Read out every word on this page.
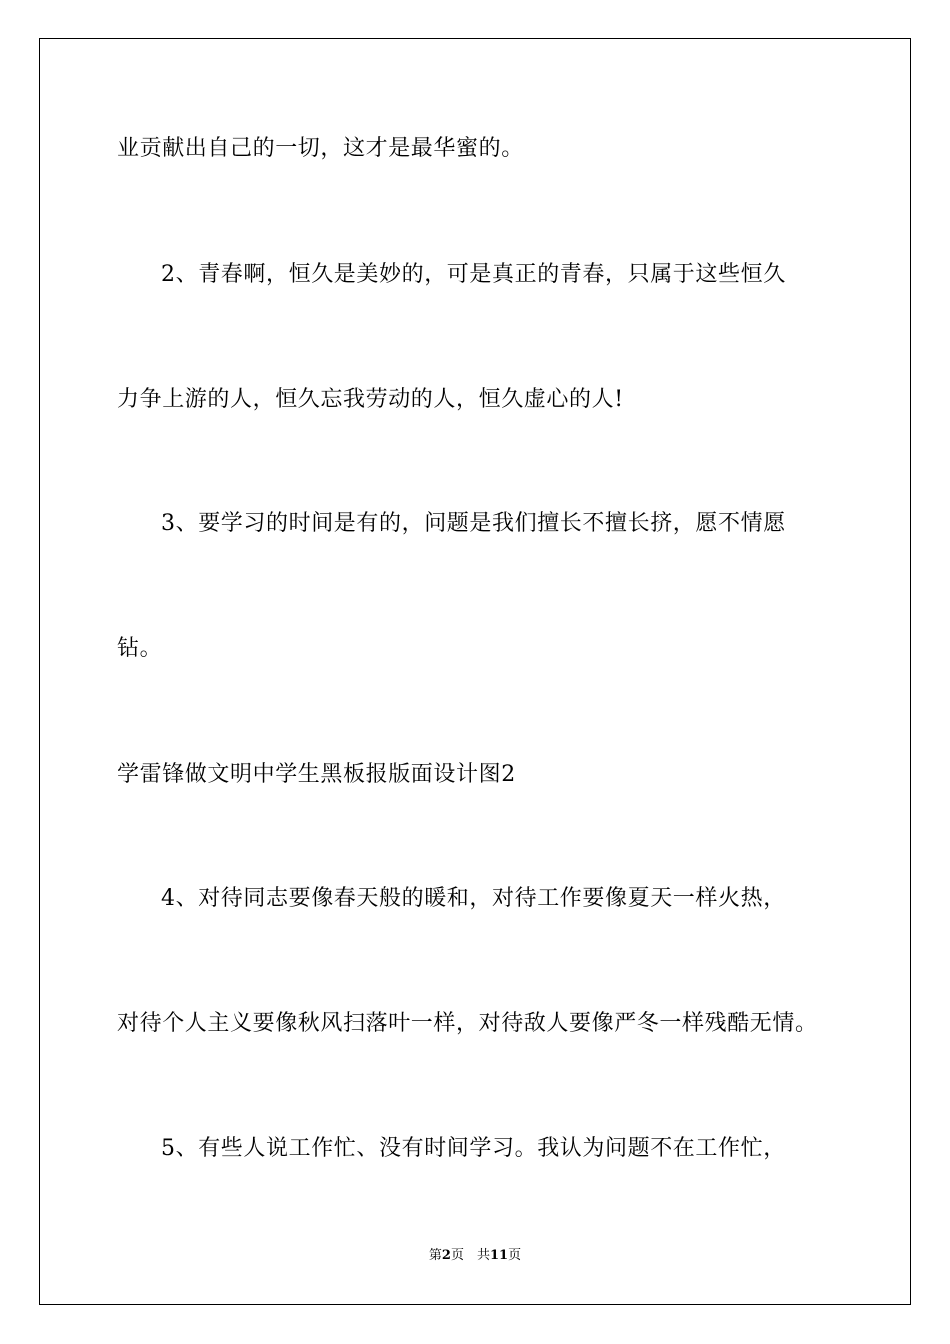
业贡献出自己的一切，这才是最华蜜的。
2、青春啊，恒久是美妙的，可是真正的青春，只属于这些恒久
力争上游的人，恒久忘我劳动的人，恒久虚心的人!
3、要学习的时间是有的，问题是我们擅长不擅长挤，愿不情愿
钻。
学雷锋做文明中学生黑板报版面设计图2
4、对待同志要像春天般的暖和，对待工作要像夏天一样火热，
对待个人主义要像秋风扫落叶一样，对待敌人要像严冬一样残酷无情。
5、有些人说工作忙、没有时间学习。我认为问题不在工作忙，
第2页　共11页
